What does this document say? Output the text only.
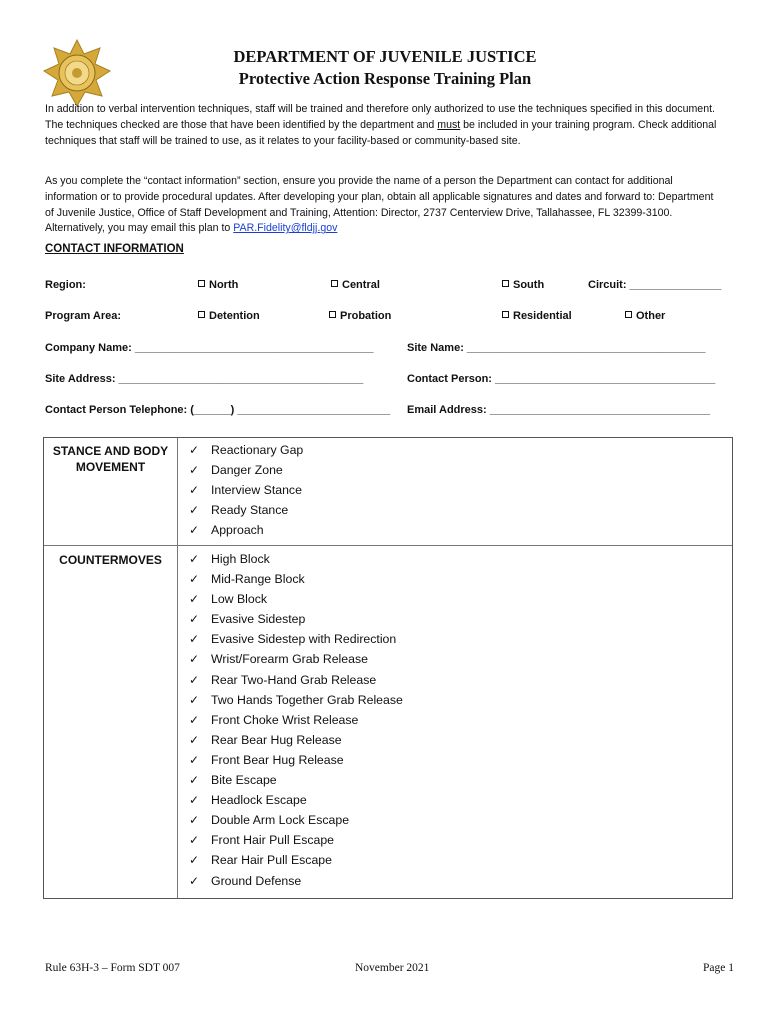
DEPARTMENT OF JUVENILE JUSTICE
Protective Action Response Training Plan
In addition to verbal intervention techniques, staff will be trained and therefore only authorized to use the techniques specified in this document. The techniques checked are those that have been identified by the department and must be included in your training program. Check additional techniques that staff will be trained to use, as it relates to your facility-based or community-based site.
As you complete the “contact information” section, ensure you provide the name of a person the Department can contact for additional information or to provide procedural updates. After developing your plan, obtain all applicable signatures and dates and forward to: Department of Juvenile Justice, Office of Staff Development and Training, Attention: Director, 2737 Centerview Drive, Tallahassee, FL 32399-3100. Alternatively, you may email this plan to PAR.Fidelity@fldjj.gov
CONTACT INFORMATION
Region:	North	Central	South	Circuit: _______________
Program Area:	Detention	Probation	Residential	Other
Company Name: _______________________________________	Site Name: _______________________________________
Site Address: ________________________________________	Contact Person: ____________________________________
Contact Person Telephone: (______) _________________________ Email Address: ____________________________________
STANCE AND BODY
MOVEMENT
✓ Reactionary Gap
✓ Danger Zone
✓ Interview Stance
✓ Ready Stance
✓ Approach
COUNTERMOVES	✓ High Block
✓ Mid-Range Block
✓ Low Block
✓ Evasive Sidestep
✓ Evasive Sidestep with Redirection
✓ Wrist/Forearm Grab Release
✓ Rear Two-Hand Grab Release
✓ Two Hands Together Grab Release
✓ Front Choke Wrist Release
✓ Rear Bear Hug Release
✓ Front Bear Hug Release
✓ Bite Escape
✓ Headlock Escape
✓ Double Arm Lock Escape
✓ Front Hair Pull Escape
✓ Rear Hair Pull Escape
✓ Ground Defense
Rule 63H-3 – Form SDT 007	November 2021	Page 1
